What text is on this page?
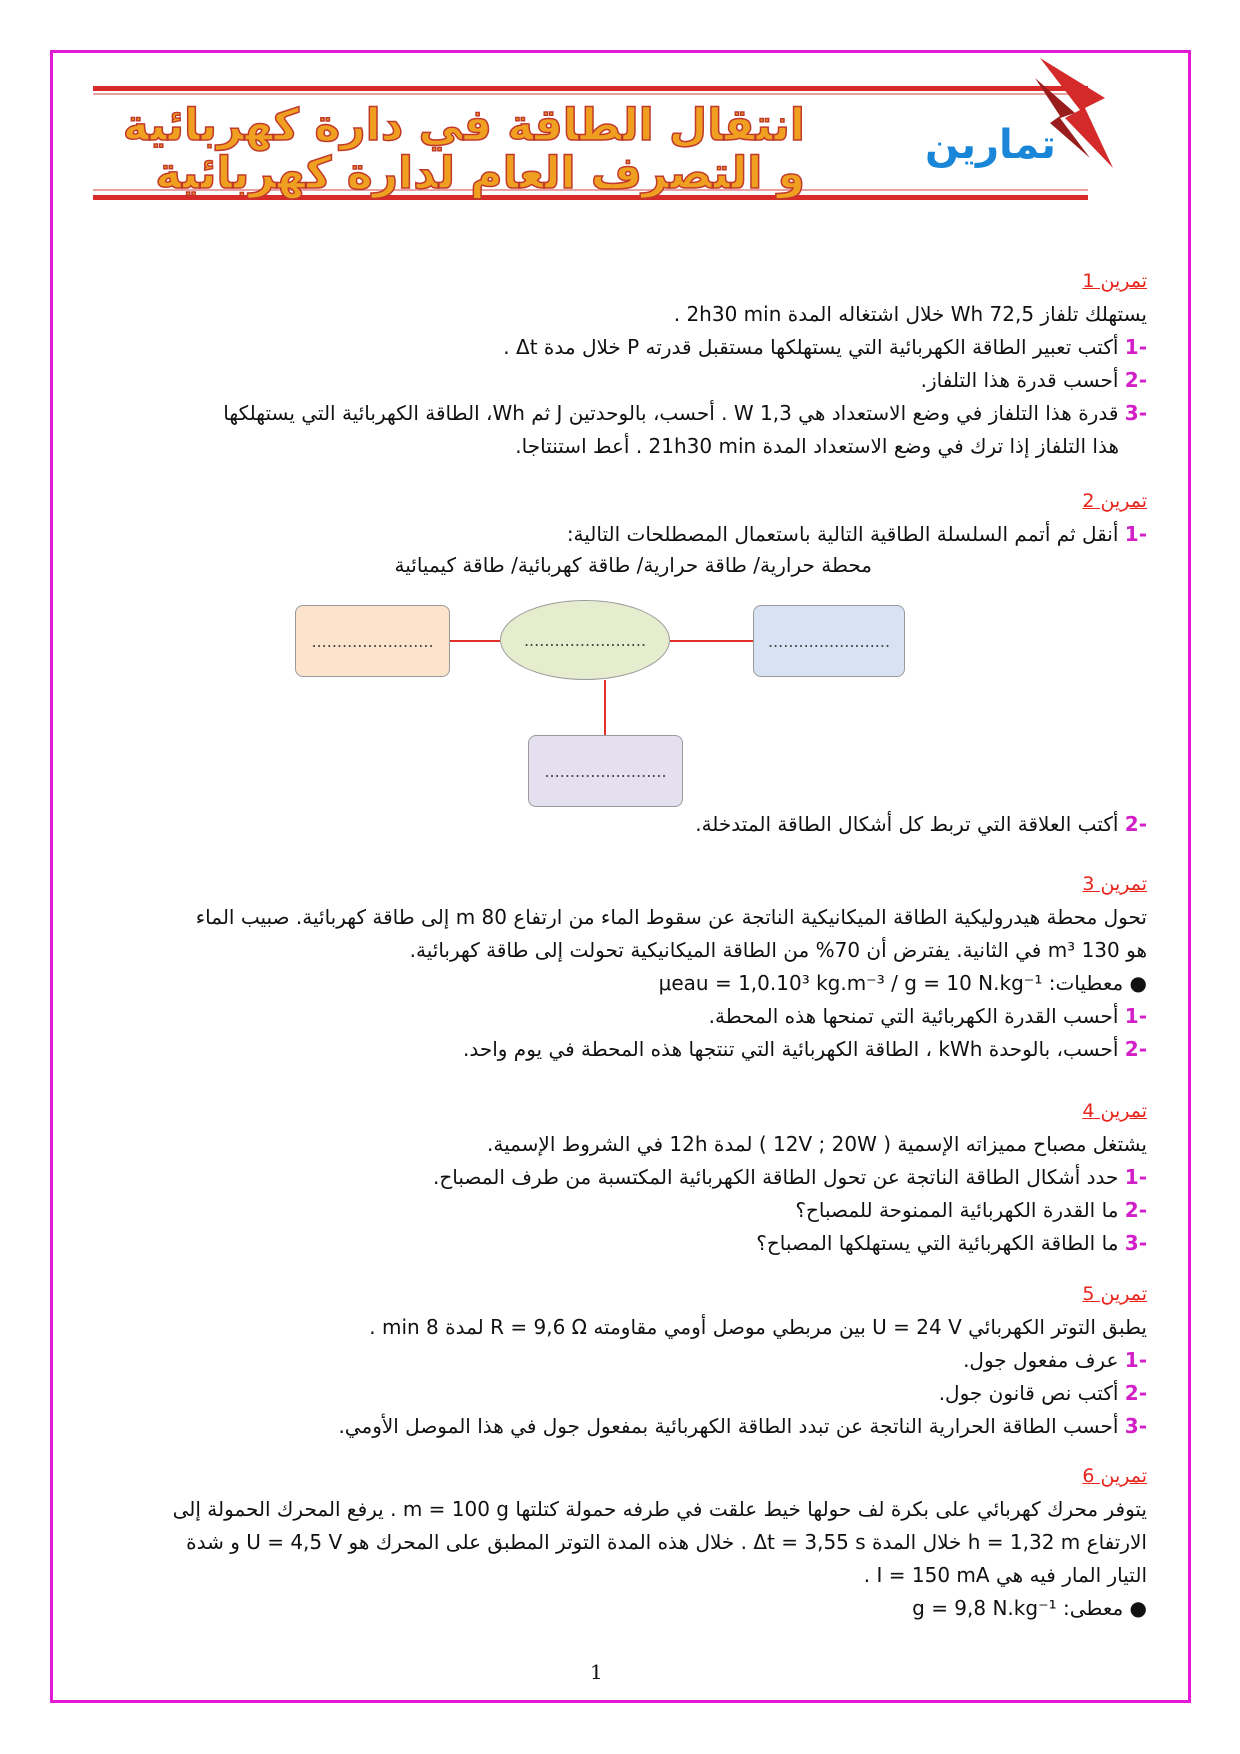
انتقال الطاقة في دارة كهربائية
و التصرف العام لدارة كهربائية
تمارين
تمرين 1

يستهلك تلفاز 72,5 Wh خلال اشتغاله المدة 2h30 min .

-1 أكتب تعبير الطاقة الكهربائية التي يستهلكها مستقبل قدرته P خلال مدة Δt .

-2 أحسب قدرة هذا التلفاز.

-3 قدرة هذا التلفاز في وضع الاستعداد هي 1,3 W . أحسب، بالوحدتين J ثم Wh، الطاقة الكهربائية التي يستهلكها

هذا التلفاز إذا ترك في وضع الاستعداد المدة 21h30 min . أعط استنتاجا.

تمرين 2

-1 أنقل ثم أتمم السلسلة الطاقية التالية باستعمال المصطلحات التالية:

محطة حرارية/ طاقة حرارية/ طاقة كهربائية/ طاقة كيميائية

........................	........................	........................
........................

-2 أكتب العلاقة التي تربط كل أشكال الطاقة المتدخلة.

تمرين 3

تحول محطة هيدروليكية الطاقة الميكانيكية الناتجة عن سقوط الماء من ارتفاع 80 m إلى طاقة كهربائية. صبيب الماء

هو 130 m³ في الثانية. يفترض أن 70% من الطاقة الميكانيكية تحولت إلى طاقة كهربائية.

● معطيات: μeau = 1,0.10³ kg.m⁻³ / g = 10 N.kg⁻¹

-1 أحسب القدرة الكهربائية التي تمنحها هذه المحطة.

-2 أحسب، بالوحدة kWh ، الطاقة الكهربائية التي تنتجها هذه المحطة في يوم واحد.

تمرين 4

يشتغل مصباح مميزاته الإسمية ( 12V ; 20W ) لمدة 12h في الشروط الإسمية.

-1 حدد أشكال الطاقة الناتجة عن تحول الطاقة الكهربائية المكتسبة من طرف المصباح.

-2 ما القدرة الكهربائية الممنوحة للمصباح؟

-3 ما الطاقة الكهربائية التي يستهلكها المصباح؟

تمرين 5

يطبق التوتر الكهربائي U = 24 V بين مربطي موصل أومي مقاومته R = 9,6 Ω لمدة 8 min .

-1 عرف مفعول جول.

-2 أكتب نص قانون جول.

-3 أحسب الطاقة الحرارية الناتجة عن تبدد الطاقة الكهربائية بمفعول جول في هذا الموصل الأومي.

تمرين 6

يتوفر محرك كهربائي على بكرة لف حولها خيط علقت في طرفه حمولة كتلتها m = 100 g . يرفع المحرك الحمولة إلى

الارتفاع h = 1,32 m خلال المدة Δt = 3,55 s . خلال هذه المدة التوتر المطبق على المحرك هو U = 4,5 V و شدة

التيار المار فيه هي I = 150 mA .

● معطى: g = 9,8 N.kg⁻¹

1
